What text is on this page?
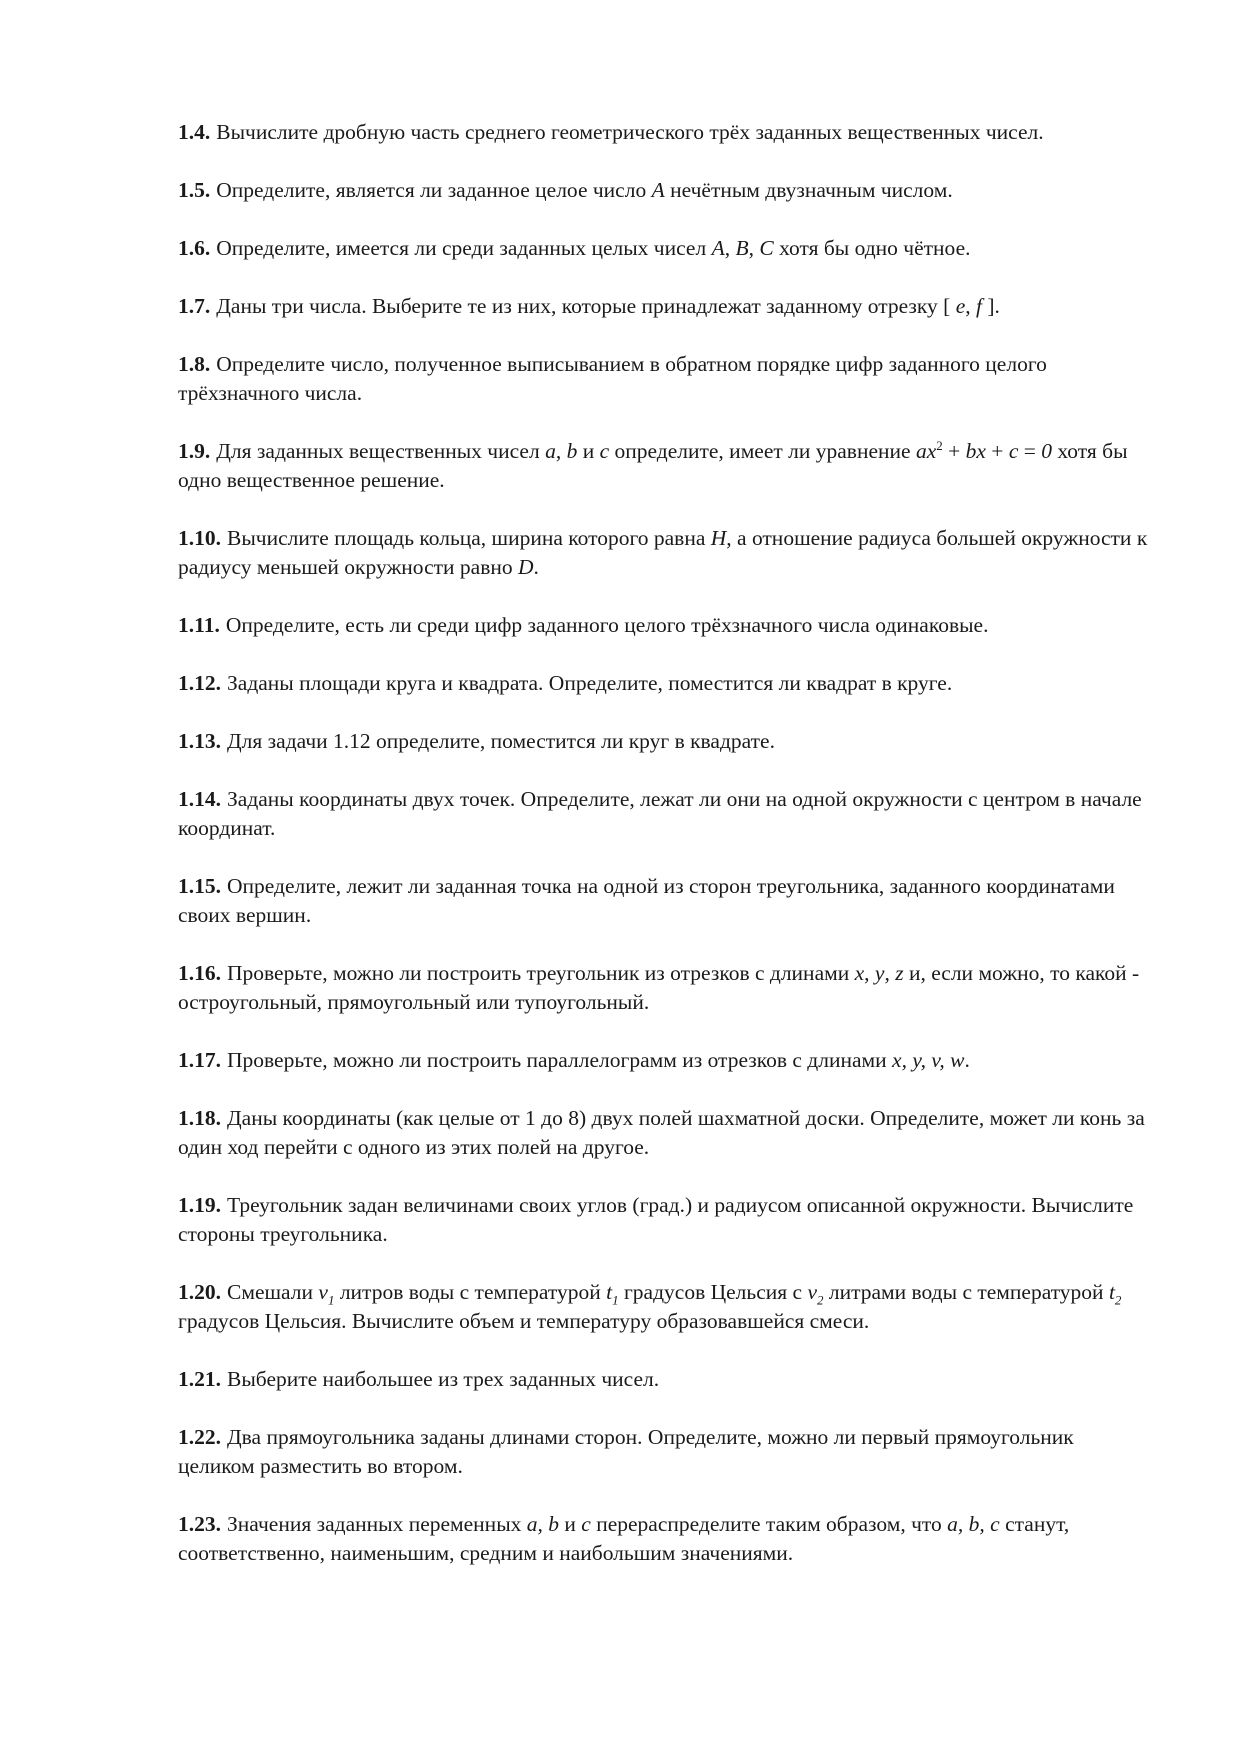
1.4. Вычислите дробную часть среднего геометрического трёх заданных вещественных чисел.

1.5. Определите, является ли заданное целое число A нечётным двузначным числом.

1.6. Определите, имеется ли среди заданных целых чисел A, B, C хотя бы одно чётное.

1.7. Даны три числа. Выберите те из них, которые принадлежат заданному отрезку [ e, f ].

1.8. Определите число, полученное выписыванием в обратном порядке цифр заданного целого трёхзначного числа.

1.9. Для заданных вещественных чисел a, b и c определите, имеет ли уравнение $ax^2$ + bx + c = 0 хотя бы одно вещественное решение.

1.10. Вычислите площадь кольца, ширина которого равна H, а отношение радиуса большей окружности к радиусу меньшей окружности равно D.

1.11. Определите, есть ли среди цифр заданного целого трёхзначного числа одинаковые.

1.12. Заданы площади круга и квадрата. Определите, поместится ли квадрат в круге.

1.13. Для задачи 1.12 определите, поместится ли круг в квадрате.

1.14. Заданы координаты двух точек. Определите, лежат ли они на одной окружности с центром в начале координат.

1.15. Определите, лежит ли заданная точка на одной из сторон треугольника, заданного координатами своих вершин.

1.16. Проверьте, можно ли построить треугольник из отрезков с длинами x, y, z и, если можно, то какой - остроугольный, прямоугольный или тупоугольный.

1.17. Проверьте, можно ли построить параллелограмм из отрезков с длинами x, y, v, w.

1.18. Даны координаты (как целые от 1 до 8) двух полей шахматной доски. Определите, может ли конь за один ход перейти с одного из этих полей на другое.

1.19. Треугольник задан величинами своих углов (град.) и радиусом описанной окружности. Вычислите стороны треугольника.

1.20. Смешали $v_1$ литров воды с температурой $t_1$ градусов Цельсия с $v_2$ литрами воды с температурой $t_2$ градусов Цельсия. Вычислите объем и температуру образовавшейся смеси.

1.21. Выберите наибольшее из трех заданных чисел.

1.22. Два прямоугольника заданы длинами сторон. Определите, можно ли первый прямоугольник целиком разместить во втором.

1.23. Значения заданных переменных a, b и c перераспределите таким образом, что a, b, c станут, соответственно, наименьшим, средним и наибольшим значениями.
